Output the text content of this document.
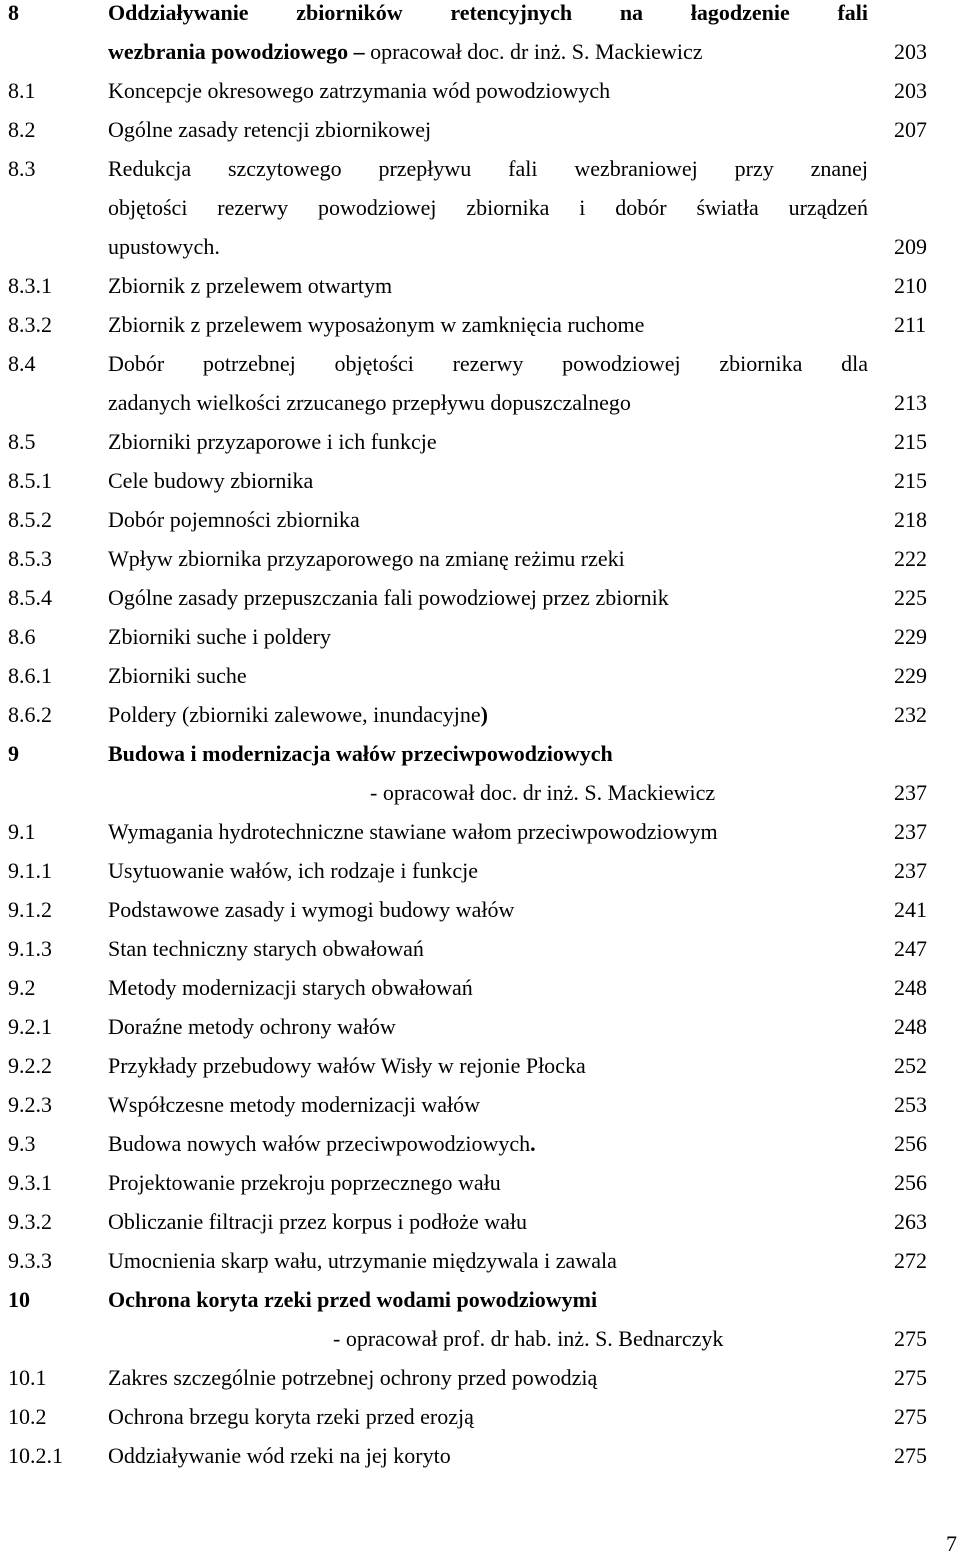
8	Oddziaływanie zbiorników retencyjnych na łagodzenie fali
wezbrania powodziowego – opracował doc. dr inż. S. Mackiewicz	203
8.1	Koncepcje okresowego zatrzymania wód powodziowych	203
8.2	Ogólne zasady retencji zbiornikowej	207
8.3	Redukcja szczytowego przepływu fali wezbraniowej przy znanej
objętości rezerwy powodziowej zbiornika i dobór światła urządzeń
upustowych.	209
8.3.1	Zbiornik z przelewem otwartym	210
8.3.2	Zbiornik z przelewem wyposażonym w zamknięcia ruchome	211
8.4	Dobór potrzebnej objętości rezerwy powodziowej zbiornika dla
zadanych wielkości zrzucanego przepływu dopuszczalnego	213
8.5	Zbiorniki przyzaporowe i ich funkcje	215
8.5.1	Cele budowy zbiornika	215
8.5.2	Dobór pojemności zbiornika	218
8.5.3	Wpływ zbiornika przyzaporowego na zmianę reżimu rzeki	222
8.5.4	Ogólne zasady przepuszczania fali powodziowej przez zbiornik	225
8.6	Zbiorniki suche i poldery	229
8.6.1	Zbiorniki suche	229
8.6.2	Poldery (zbiorniki zalewowe, inundacyjne)	232
9	Budowa i modernizacja wałów przeciwpowodziowych
- opracował doc. dr inż. S. Mackiewicz	237
9.1	Wymagania hydrotechniczne stawiane wałom przeciwpowodziowym	237
9.1.1	Usytuowanie wałów, ich rodzaje i funkcje	237
9.1.2	Podstawowe zasady i wymogi budowy wałów	241
9.1.3	Stan techniczny starych obwałowań	247
9.2	Metody modernizacji starych obwałowań	248
9.2.1	Doraźne metody ochrony wałów	248
9.2.2	Przykłady przebudowy wałów Wisły w rejonie Płocka	252
9.2.3	Współczesne metody modernizacji wałów	253
9.3	Budowa nowych wałów przeciwpowodziowych.	256
9.3.1	Projektowanie przekroju poprzecznego wału	256
9.3.2	Obliczanie filtracji przez korpus i podłoże wału	263
9.3.3	Umocnienia skarp wału, utrzymanie międzywala i zawala	272
10	Ochrona koryta rzeki przed wodami powodziowymi
- opracował prof. dr hab. inż. S. Bednarczyk	275
10.1	Zakres szczególnie potrzebnej ochrony przed powodzią	275
10.2	Ochrona brzegu koryta rzeki przed erozją	275
10.2.1 Oddziaływanie wód rzeki na jej koryto	275
7
